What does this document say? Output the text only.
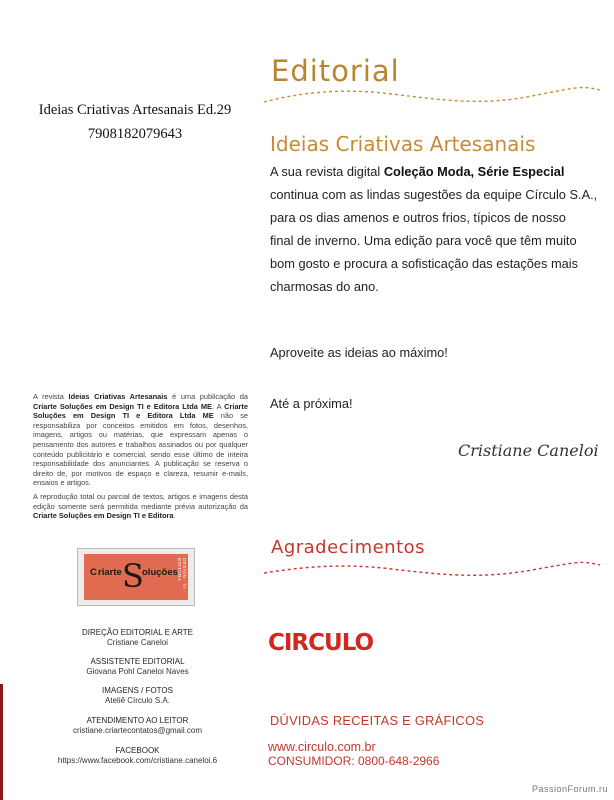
Ideias Criativas Artesanais Ed.29
7908182079643

A revista Ideias Criativas Artesanais é uma publicação da Criarte Soluções em Design TI e Editora Ltda ME. A Criarte Soluções em Design TI e Editora Ltda ME não se responsabiliza por conceitos emitidos em fotos, desenhos, imagens, artigos ou matérias, que expressam apenas o pensamento dos autores e trabalhos assinados ou por qualquer conteúdo publicitário e comercial, sendo esse último de inteira responsabilidade dos anunciantes. A publicação se reserva o direito de, por motivos de espaço e clareza, resumir e-mails, ensaios e artigos.

A reprodução total ou parcial de textos, artigos e imagens desta edição somente será permitida mediante prévia autorização da Criarte Soluções em Design TI e Editora.

C riarte S
oluções DESIGN · TI · EDITORA
DIREÇÃO EDITORIAL E ARTE
Cristiane Caneloi
ASSISTENTE EDITORIAL
Giovana Pohl Caneloi Naves
IMAGENS / FOTOS
Ateliê Círculo S.A.
ATENDIMENTO AO LEITOR
cristiane.criartecontatos@gmail.com
FACEBOOK
https://www.facebook.com/cristiane.caneloi.6
Editorial
Ideias Criativas Artesanais
A sua revista digital Coleção Moda, Série Especial
continua com as lindas sugestões da equipe Círculo S.A.,
para os dias amenos e outros frios, típicos de nosso
final de inverno. Uma edição para você que têm muito
bom gosto e procura a sofisticação das estações mais
charmosas do ano.
Aproveite as ideias ao máximo!
Até a próxima!
Cristiane Caneloi
Agradecimentos
CIRCULO
DÚVIDAS RECEITAS E GRÁFICOS
www.circulo.com.br
CONSUMIDOR: 0800-648-2966
PassionForum.ru
